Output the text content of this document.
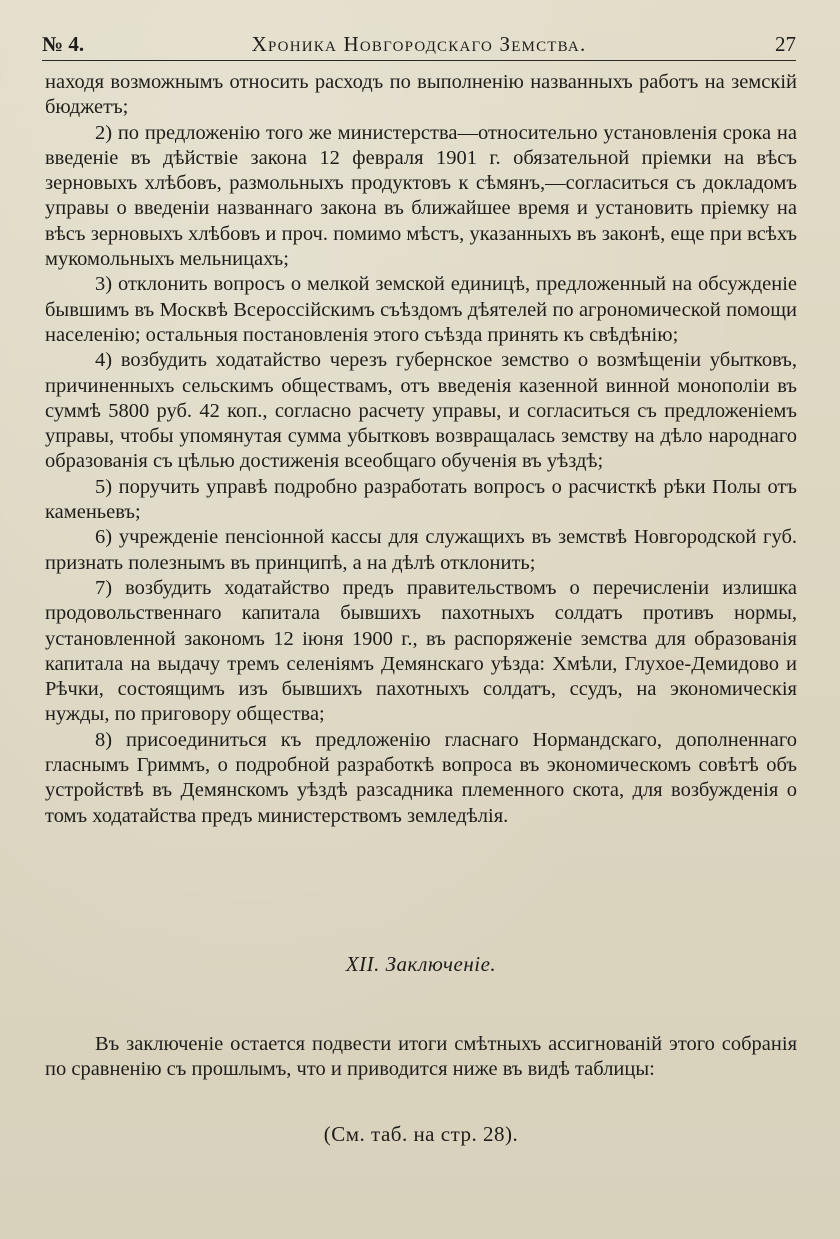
№ 4.	Хроника Новгородскаго Земства.	27

находя возможнымъ относить расходъ по выполненію названныхъ работъ на земскій бюджетъ;

2) по предложенію того же министерства—относительно установленія срока на введеніе въ дѣйствіе закона 12 февраля 1901 г. обязательной пріемки на вѣсъ зерновыхъ хлѣбовъ, размольныхъ продуктовъ к сѣмянъ,—согласиться съ докладомъ управы о введеніи названнаго закона въ ближайшее время и установить пріемку на вѣсъ зерновыхъ хлѣбовъ и проч. помимо мѣстъ, указанныхъ въ законѣ, еще при всѣхъ мукомольныхъ мельницахъ;

3) отклонить вопросъ о мелкой земской единицѣ, предложенный на обсужденіе бывшимъ въ Москвѣ Всероссійскимъ съѣздомъ дѣятелей по агрономической помощи населенію; остальныя постановленія этого съѣзда принять къ свѣдѣнію;

4) возбудить ходатайство черезъ губернское земство о возмѣщеніи убытковъ, причиненныхъ сельскимъ обществамъ, отъ введенія казенной винной монополіи въ суммѣ 5800 руб. 42 коп., согласно расчету управы, и согласиться съ предложеніемъ управы, чтобы упомянутая сумма убытковъ возвращалась земству на дѣло народнаго образованія съ цѣлью достиженія всеобщаго обученія въ уѣздѣ;

5) поручить управѣ подробно разработать вопросъ о расчисткѣ рѣки Полы отъ каменьевъ;

6) учрежденіе пенсіонной кассы для служащихъ въ земствѣ Новгородской губ. признать полезнымъ въ принципѣ, а на дѣлѣ отклонить;

7) возбудить ходатайство предъ правительствомъ о перечисленіи излишка продовольственнаго капитала бывшихъ пахотныхъ солдатъ противъ нормы, установленной закономъ 12 іюня 1900 г., въ распоряженіе земства для образованія капитала на выдачу тремъ селеніямъ Демянскаго уѣзда: Хмѣли, Глухое-Демидово и Рѣчки, состоящимъ изъ бывшихъ пахотныхъ солдатъ, ссудъ, на экономическія нужды, по приговору общества;

8) присоединиться къ предложенію гласнаго Нормандскаго, дополненнаго гласнымъ Гриммъ, о подробной разработкѣ вопроса въ экономическомъ совѣтѣ объ устройствѣ въ Демянскомъ уѣздѣ разсадника племенного скота, для возбужденія о томъ ходатайства предъ министерствомъ земледѣлія.

XII. Заключеніе.

Въ заключеніе остается подвести итоги смѣтныхъ ассигнованій этого собранія по сравненію съ прошлымъ, что и приводится ниже въ видѣ таблицы:

(См. таб. на стр. 28).
